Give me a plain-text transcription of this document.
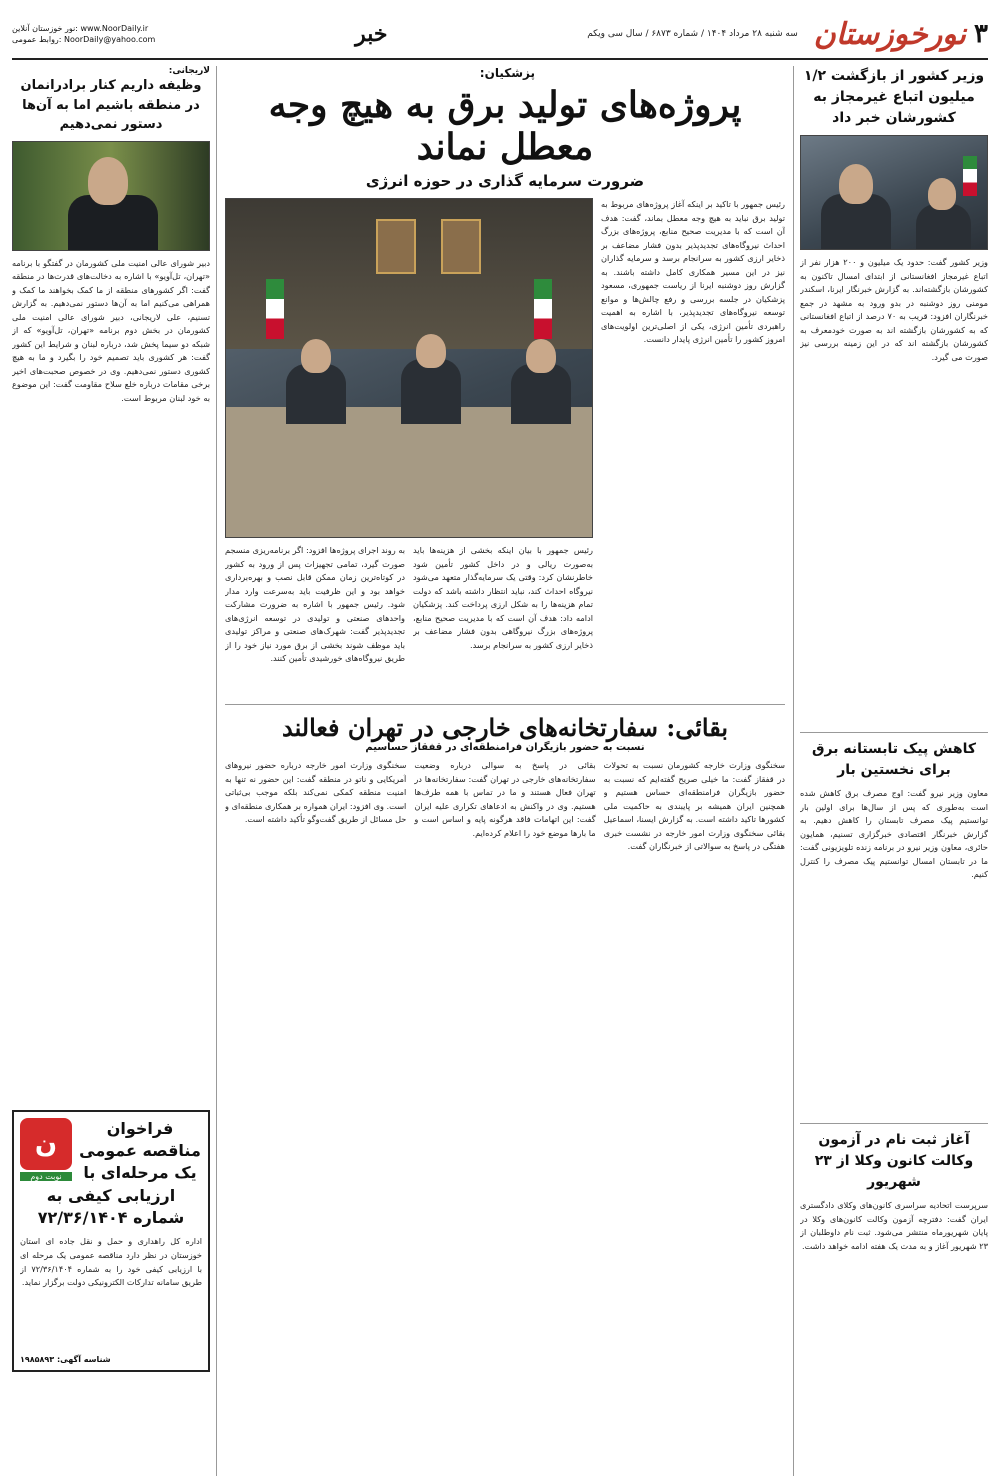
۳
نورخوزستان
سه شنبه ۲۸ مرداد ۱۴۰۴ / شماره ۶۸۷۳ / سال سی ویکم
خبر
نور خوزستان آنلاین: www.NoorDaily.ir
روابط عمومی: NoorDaily@yahoo.com
وزیر کشور از بازگشت ۱/۲ میلیون اتباع غیرمجاز به کشورشان خبر داد
وزیر کشور گفت: حدود یک میلیون و ۲۰۰ هزار نفر از اتباع غیرمجاز افغانستانی از ابتدای امسال تاکنون به کشورشان بازگشته‌اند. به گزارش خبرنگار ایرنا، اسکندر مومنی روز دوشنبه در بدو ورود به مشهد در جمع خبرنگاران افزود: قریب به ۷۰ درصد از اتباع افغانستانی که به کشورشان بازگشته اند به صورت خودمعرف به کشورشان بازگشته اند که در این زمینه بررسی نیز صورت می گیرد.
کاهش پیک تابستانه برق برای نخستین بار
معاون وزیر نیرو گفت: اوج مصرف برق کاهش شده است به‌طوری که پس از سال‌ها برای اولین بار توانستیم پیک مصرف تابستان را کاهش دهیم. به گزارش خبرنگار اقتصادی خبرگزاری تسنیم، همایون حائری، معاون وزیر نیرو در برنامه زنده تلویزیونی گفت: ما در تابستان امسال توانستیم پیک مصرف را کنترل کنیم.
آغاز ثبت نام در آزمون وکالت کانون وکلا از ۲۳ شهریور
سرپرست اتحادیه سراسری کانون‌های وکلای دادگستری ایران گفت: دفترچه آزمون وکالت کانون‌های وکلا در پایان شهریورماه منتشر می‌شود. ثبت نام داوطلبان از ۲۳ شهریور آغاز و به مدت یک هفته ادامه خواهد داشت.
پزشکیان:
پروژه‌های تولید برق به هیچ وجه معطل نماند
ضرورت سرمایه گذاری در حوزه انرژی
رئیس جمهور با تاکید بر اینکه آغاز پروژه‌های مربوط به تولید برق نباید به هیچ وجه معطل بماند، گفت: هدف آن است که با مدیریت صحیح منابع، پروژه‌های بزرگ احداث نیروگاه‌های تجدیدپذیر بدون فشار مضاعف بر ذخایر ارزی کشور به سرانجام برسد و سرمایه گذاران نیز در این مسیر همکاری کامل داشته باشند. به گزارش روز دوشنبه ایرنا از ریاست جمهوری، مسعود پزشکیان در جلسه بررسی و رفع چالش‌ها و موانع توسعه نیروگاه‌های تجدیدپذیر، با اشاره به اهمیت راهبردی تأمین انرژی، یکی از اصلی‌ترین اولویت‌های امروز کشور را تأمین انرژی پایدار دانست.
رئیس جمهور با بیان اینکه بخشی از هزینه‌ها باید به‌صورت ریالی و در داخل کشور تأمین شود خاطرنشان کرد: وقتی یک سرمایه‌گذار متعهد می‌شود نیروگاه احداث کند، نباید انتظار داشته باشد که دولت تمام هزینه‌ها را به شکل ارزی پرداخت کند. پزشکیان ادامه داد: هدف آن است که با مدیریت صحیح منابع، پروژه‌های بزرگ نیروگاهی بدون فشار مضاعف بر ذخایر ارزی کشور به سرانجام برسد.
به روند اجرای پروژه‌ها افزود: اگر برنامه‌ریزی منسجم صورت گیرد، تمامی تجهیزات پس از ورود به کشور در کوتاه‌ترین زمان ممکن قابل نصب و بهره‌برداری خواهد بود و این ظرفیت باید به‌سرعت وارد مدار شود. رئیس جمهور با اشاره به ضرورت مشارکت واحدهای صنعتی و تولیدی در توسعه انرژی‌های تجدیدپذیر گفت: شهرک‌های صنعتی و مراکز تولیدی باید موظف شوند بخشی از برق مورد نیاز خود را از طریق نیروگاه‌های خورشیدی تأمین کنند.
بقائی: سفارتخانه‌های خارجی در تهران فعالند
نسبت به حضور بازیگران فرامنطقه‌ای در قفقاز حساسیم
سخنگوی وزارت خارجه کشورمان نسبت به تحولات در قفقاز گفت: ما خیلی صریح گفته‌ایم که نسبت به حضور بازیگران فرامنطقه‌ای حساس هستیم و همچنین ایران همیشه بر پایبندی به حاکمیت ملی کشورها تاکید داشته است. به گزارش ایسنا، اسماعیل بقائی سخنگوی وزارت امور خارجه در نشست خبری هفتگی در پاسخ به سوالاتی از خبرنگاران گفت.
بقائی در پاسخ به سوالی درباره وضعیت سفارتخانه‌های خارجی در تهران گفت: سفارتخانه‌ها در تهران فعال هستند و ما در تماس با همه طرف‌ها هستیم. وی در واکنش به ادعاهای تکراری علیه ایران گفت: این اتهامات فاقد هرگونه پایه و اساس است و ما بارها موضع خود را اعلام کرده‌ایم.
سخنگوی وزارت امور خارجه درباره حضور نیروهای آمریکایی و ناتو در منطقه گفت: این حضور نه تنها به امنیت منطقه کمکی نمی‌کند بلکه موجب بی‌ثباتی است. وی افزود: ایران همواره بر همکاری منطقه‌ای و حل مسائل از طریق گفت‌وگو تأکید داشته است.
لاریجانی:
وظیفه داریم کنار برادرانمان در منطقه باشیم اما به آن‌ها دستور نمی‌دهیم
دبیر شورای عالی امنیت ملی کشورمان در گفتگو با برنامه «تهران، تل‌آویو» با اشاره به دخالت‌های قدرت‌ها در منطقه گفت: اگر کشورهای منطقه از ما کمک بخواهند ما کمک و همراهی می‌کنیم اما به آن‌ها دستور نمی‌دهیم. به گزارش تسنیم، علی لاریجانی، دبیر شورای عالی امنیت ملی کشورمان در بخش دوم برنامه «تهران، تل‌آویو» که از شبکه دو سیما پخش شد، درباره لبنان و شرایط این کشور گفت: هر کشوری باید تصمیم خود را بگیرد و ما به هیچ کشوری دستور نمی‌دهیم. وی در خصوص صحبت‌های اخیر برخی مقامات درباره خلع سلاح مقاومت گفت: این موضوع به خود لبنان مربوط است.
ن
نوبت دوم
فراخوان مناقصه عمومی یک مرحله‌ای با ارزیابی کیفی به شماره ۷۲/۳۶/۱۴۰۴
اداره کل راهداری و حمل و نقل جاده ای استان خوزستان در نظر دارد مناقصه عمومی یک مرحله ای با ارزیابی کیفی خود را به شماره ۷۲/۳۶/۱۴۰۴ از طریق سامانه تدارکات الکترونیکی دولت برگزار نماید.
شناسه آگهی: ۱۹۸۵۸۹۳
